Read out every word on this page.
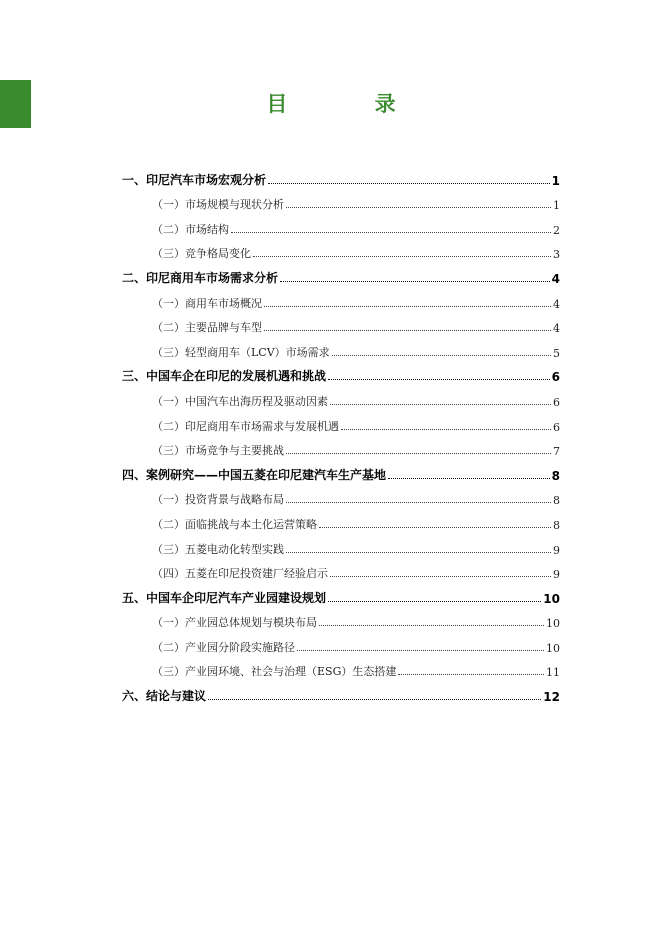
目 录
一、印尼汽车市场宏观分析	1
（一）市场规模与现状分析	1
（二）市场结构	2
（三）竞争格局变化	3
二、印尼商用车市场需求分析	4
（一）商用车市场概况	4
（二）主要品牌与车型	4
（三）轻型商用车（LCV）市场需求	5
三、中国车企在印尼的发展机遇和挑战	6
（一）中国汽车出海历程及驱动因素	6
（二）印尼商用车市场需求与发展机遇	6
（三）市场竞争与主要挑战	7
四、案例研究——中国五菱在印尼建汽车生产基地	8
（一）投资背景与战略布局	8
（二）面临挑战与本土化运营策略	8
（三）五菱电动化转型实践	9
（四）五菱在印尼投资建厂经验启示	9
五、中国车企印尼汽车产业园建设规划	10
（一）产业园总体规划与模块布局	10
（二）产业园分阶段实施路径	10
（三）产业园环境、社会与治理（ESG）生态搭建	11
六、结论与建议	12
